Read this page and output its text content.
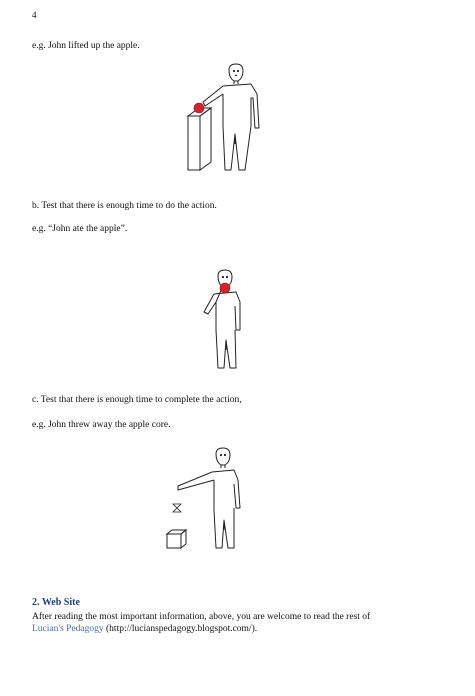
4
e.g. John lifted up the apple.
b. Test that there is enough time to do the action.
e.g. “John ate the apple”.
c. Test that there is enough time to complete the action,
e.g. John threw away the apple core.
2. Web Site
After reading the most important information, above, you are welcome to read the rest of
Lucian's Pedagogy (http://lucianspedagogy.blogspot.com/).
